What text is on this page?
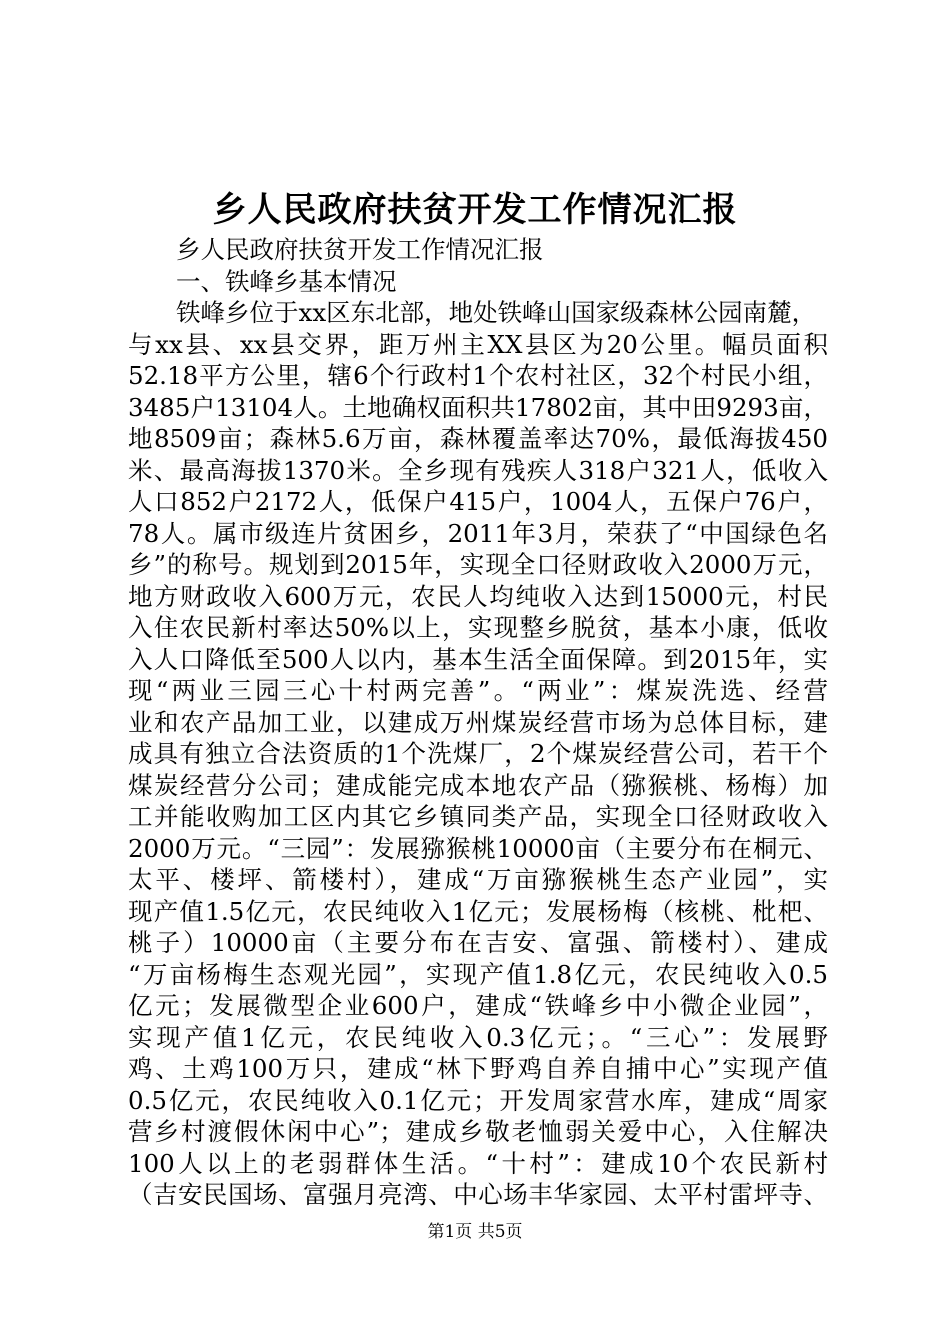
乡人民政府扶贫开发工作情况汇报
乡人民政府扶贫开发工作情况汇报
一、铁峰乡基本情况
铁峰乡位于xx区东北部，地处铁峰山国家级森林公园南麓，
与xx县、xx县交界，距万州主XX县区为20公里。幅员面积
52.18平方公里，辖6个行政村1个农村社区，32个村民小组，
3485户13104人。土地确权面积共17802亩，其中田9293亩，
地8509亩；森林5.6万亩，森林覆盖率达70%，最低海拔450
米、最高海拔1370米。全乡现有残疾人318户321人，低收入
人口852户2172人，低保户415户，1004人，五保户76户，
78人。属市级连片贫困乡，2011年3月，荣获了“中国绿色名
乡”的称号。规划到2015年，实现全口径财政收入2000万元，
地方财政收入600万元，农民人均纯收入达到15000元，村民
入住农民新村率达50%以上，实现整乡脱贫，基本小康，低收
入人口降低至500人以内，基本生活全面保障。到2015年，实
现“两业三园三心十村两完善”。“两业”：煤炭洗选、经营
业和农产品加工业，以建成万州煤炭经营市场为总体目标，建
成具有独立合法资质的1个洗煤厂，2个煤炭经营公司，若干个
煤炭经营分公司；建成能完成本地农产品（猕猴桃、杨梅）加
工并能收购加工区内其它乡镇同类产品，实现全口径财政收入
2000万元。“三园”：发展猕猴桃10000亩（主要分布在桐元、
太平、楼坪、箭楼村），建成“万亩猕猴桃生态产业园”，实
现产值1.5亿元，农民纯收入1亿元；发展杨梅（核桃、枇杷、
桃子）10000亩（主要分布在吉安、富强、箭楼村）、建成
“万亩杨梅生态观光园”，实现产值1.8亿元，农民纯收入0.5
亿元；发展微型企业600户，建成“铁峰乡中小微企业园”，
实现产值1亿元，农民纯收入0.3亿元；。“三心”：发展野
鸡、土鸡100万只，建成“林下野鸡自养自捕中心”实现产值
0.5亿元，农民纯收入0.1亿元；开发周家营水库，建成“周家
营乡村渡假休闲中心”；建成乡敬老恤弱关爱中心，入住解决
100人以上的老弱群体生活。“十村”：建成10个农民新村
（吉安民国场、富强月亮湾、中心场丰华家园、太平村雷坪寺、
第1页 共5页
